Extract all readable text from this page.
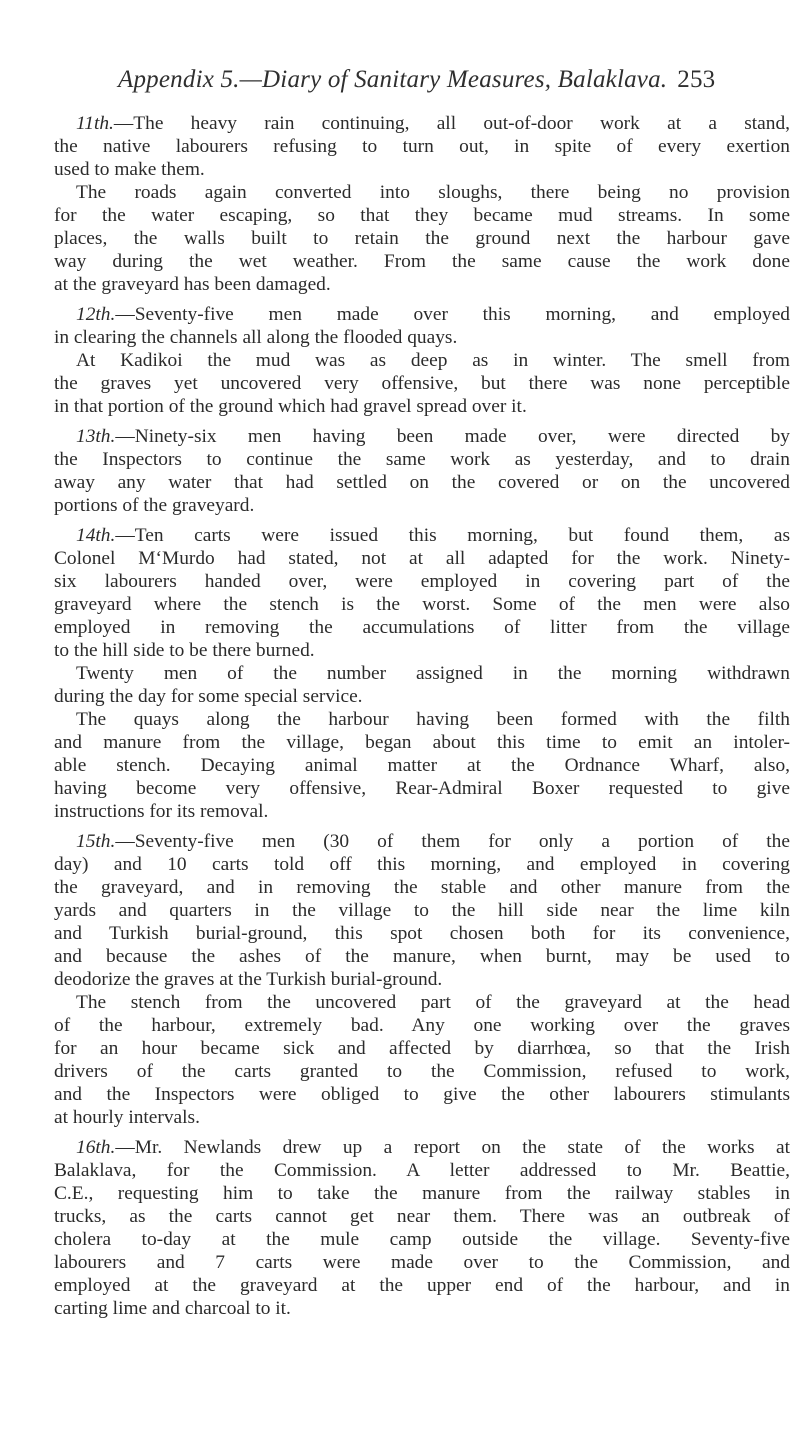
Appendix 5.—Diary of Sanitary Measures, Balaklava. 253
11th.—The heavy rain continuing, all out-of-door work at a stand,
the native labourers refusing to turn out, in spite of every exertion
used to make them.
The roads again converted into sloughs, there being no provision
for the water escaping, so that they became mud streams. In some
places, the walls built to retain the ground next the harbour gave
way during the wet weather. From the same cause the work done
at the graveyard has been damaged.
12th.—Seventy-five men made over this morning, and employed
in clearing the channels all along the flooded quays.
At Kadikoi the mud was as deep as in winter. The smell from
the graves yet uncovered very offensive, but there was none perceptible
in that portion of the ground which had gravel spread over it.
13th.—Ninety-six men having been made over, were directed by
the Inspectors to continue the same work as yesterday, and to drain
away any water that had settled on the covered or on the uncovered
portions of the graveyard.
14th.—Ten carts were issued this morning, but found them, as
Colonel M‘Murdo had stated, not at all adapted for the work. Ninety-
six labourers handed over, were employed in covering part of the
graveyard where the stench is the worst. Some of the men were also
employed in removing the accumulations of litter from the village
to the hill side to be there burned.
Twenty men of the number assigned in the morning withdrawn
during the day for some special service.
The quays along the harbour having been formed with the filth
and manure from the village, began about this time to emit an intoler-
able stench. Decaying animal matter at the Ordnance Wharf, also,
having become very offensive, Rear-Admiral Boxer requested to give
instructions for its removal.
15th.—Seventy-five men (30 of them for only a portion of the
day) and 10 carts told off this morning, and employed in covering
the graveyard, and in removing the stable and other manure from the
yards and quarters in the village to the hill side near the lime kiln
and Turkish burial-ground, this spot chosen both for its convenience,
and because the ashes of the manure, when burnt, may be used to
deodorize the graves at the Turkish burial-ground.
The stench from the uncovered part of the graveyard at the head
of the harbour, extremely bad. Any one working over the graves
for an hour became sick and affected by diarrhœa, so that the Irish
drivers of the carts granted to the Commission, refused to work,
and the Inspectors were obliged to give the other labourers stimulants
at hourly intervals.
16th.—Mr. Newlands drew up a report on the state of the works at
Balaklava, for the Commission. A letter addressed to Mr. Beattie,
C.E., requesting him to take the manure from the railway stables in
trucks, as the carts cannot get near them. There was an outbreak of
cholera to-day at the mule camp outside the village. Seventy-five
labourers and 7 carts were made over to the Commission, and
employed at the graveyard at the upper end of the harbour, and in
carting lime and charcoal to it.
